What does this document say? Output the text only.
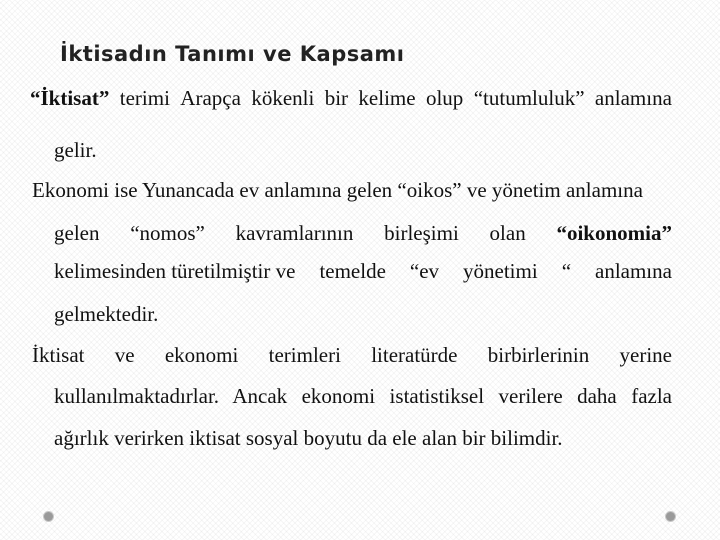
İktisadın Tanımı ve Kapsamı
“İktisat” terimi Arapça kökenli bir kelime olup “tutumluluk” anlamına
gelir.
Ekonomi ise Yunancada ev anlamına gelen “oikos” ve yönetim anlamına
gelen “nomos” kavramlarının birleşimi olan “oikonomia”
kelimesinden türetilmiştir ve temelde “ev yönetimi “ anlamına
gelmektedir.
İktisat ve ekonomi terimleri literatürde birbirlerinin yerine
kullanılmaktadırlar. Ancak ekonomi istatistiksel verilere daha fazla
ağırlık verirken iktisat sosyal boyutu da ele alan bir bilimdir.
